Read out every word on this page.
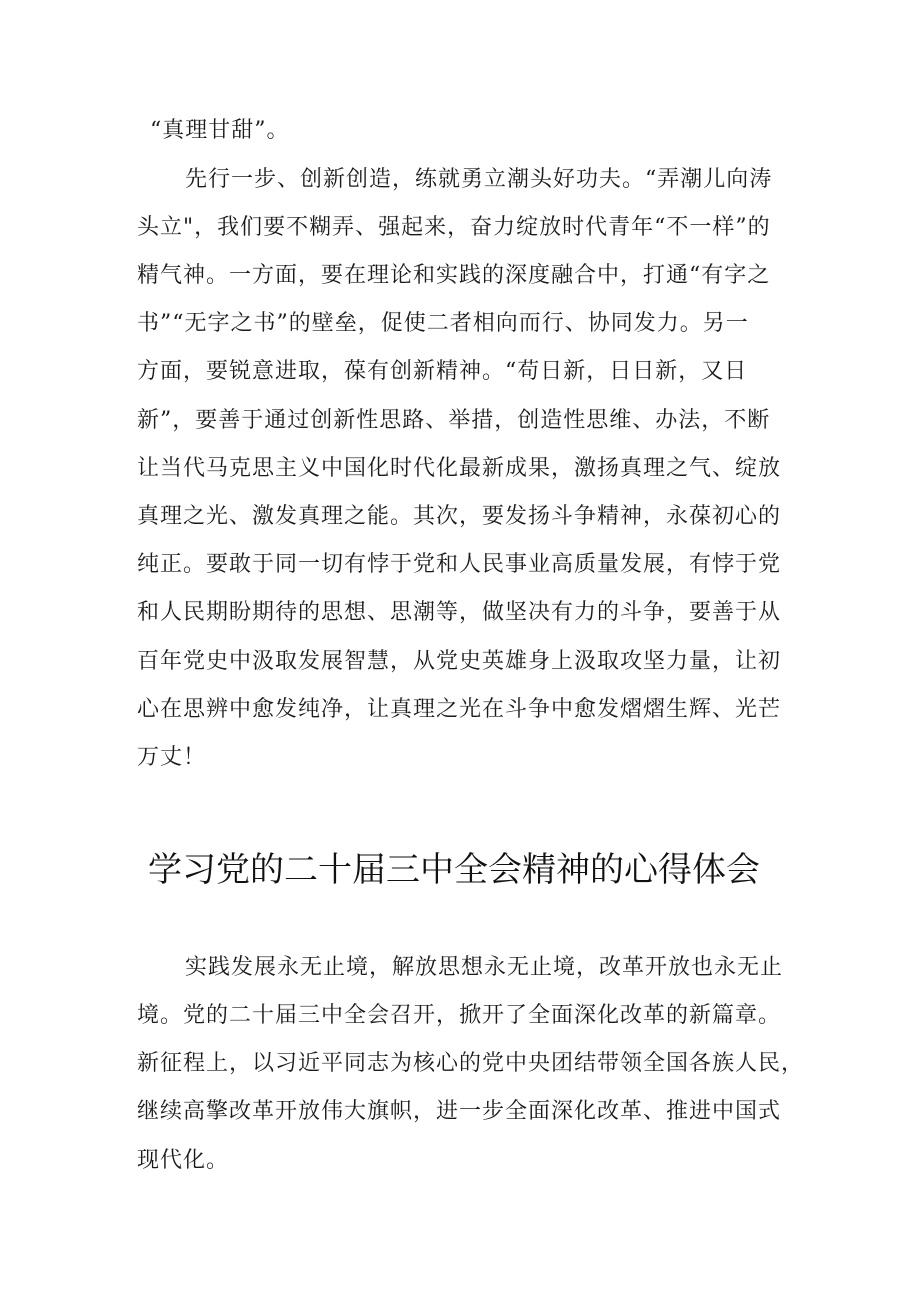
“真理甘甜”。
先行一步、创新创造，练就勇立潮头好功夫。“弄潮儿向涛
头立"，我们要不糊弄、强起来，奋力绽放时代青年“不一样”的
精气神。一方面，要在理论和实践的深度融合中，打通“有字之
书”“无字之书”的壁垒，促使二者相向而行、协同发力。另一
方面，要锐意进取，葆有创新精神。“苟日新，日日新，又日
新”，要善于通过创新性思路、举措，创造性思维、办法，不断
让当代马克思主义中国化时代化最新成果，激扬真理之气、绽放
真理之光、激发真理之能。其次，要发扬斗争精神，永葆初心的
纯正。要敢于同一切有悖于党和人民事业高质量发展，有悖于党
和人民期盼期待的思想、思潮等，做坚决有力的斗争，要善于从
百年党史中汲取发展智慧，从党史英雄身上汲取攻坚力量，让初
心在思辨中愈发纯净，让真理之光在斗争中愈发熠熠生辉、光芒
万丈！
学习党的二十届三中全会精神的心得体会
实践发展永无止境，解放思想永无止境，改革开放也永无止
境。党的二十届三中全会召开，掀开了全面深化改革的新篇章。
新征程上，以习近平同志为核心的党中央团结带领全国各族人民，
继续高擎改革开放伟大旗帜，进一步全面深化改革、推进中国式
现代化。
